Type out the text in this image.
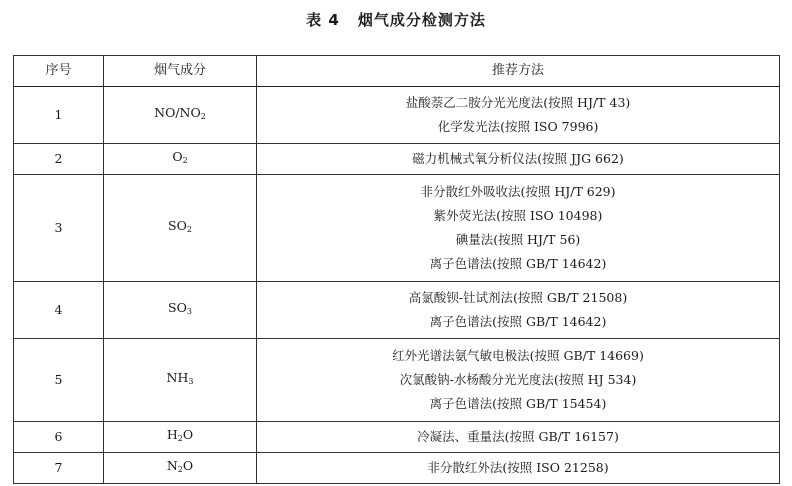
表 4 烟气成分检测方法
序号	烟气成分	推荐方法
1	$NO/NO_2$	盐酸萘乙二胺分光光度法(按照 HJ/T 43)
化学发光法(按照 ISO 7996)

2	$O_2$	磁力机械式氧分析仪法(按照 JJG 662)

3	$SO_2$	非分散红外吸收法(按照 HJ/T 629)
紫外荧光法(按照 ISO 10498)
碘量法(按照 HJ/T 56)
离子色谱法(按照 GB/T 14642)

4	$SO_3$	高氯酸钡-钍试剂法(按照 GB/T 21508)
离子色谱法(按照 GB/T 14642)

5	$NH_3$	红外光谱法氨气敏电极法(按照 GB/T 14669)
次氯酸钠-水杨酸分光光度法(按照 HJ 534)
离子色谱法(按照 GB/T 15454)

6	$H_2O$	冷凝法、重量法(按照 GB/T 16157)

7	$N_2O$	非分散红外法(按照 ISO 21258)
